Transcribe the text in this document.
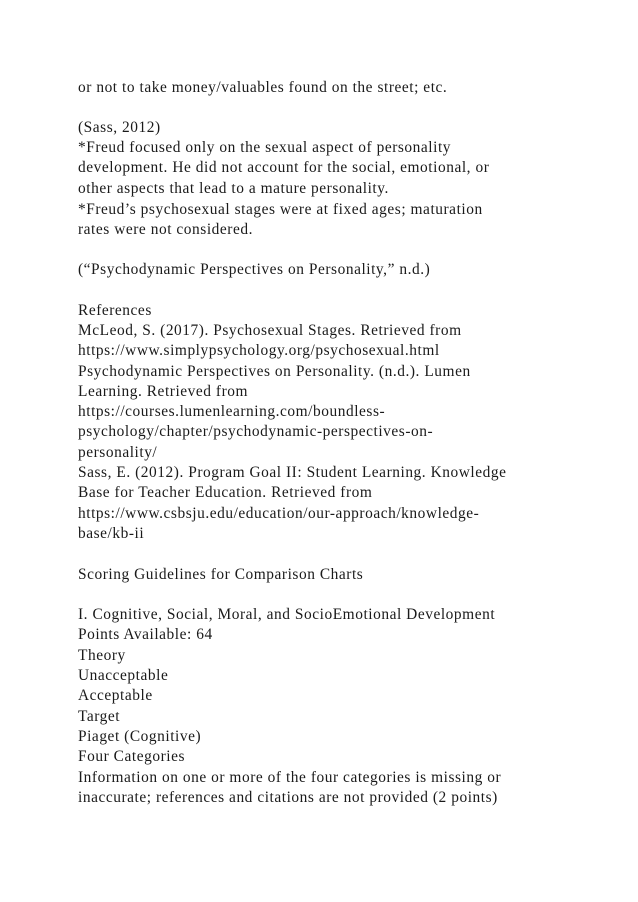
or not to take money/valuables found on the street; etc.
(Sass, 2012)
*Freud focused only on the sexual aspect of personality
development. He did not account for the social, emotional, or
other aspects that lead to a mature personality.
*Freud’s psychosexual stages were at fixed ages; maturation
rates were not considered.
(“Psychodynamic Perspectives on Personality,” n.d.)
References
McLeod, S. (2017). Psychosexual Stages. Retrieved from
https://www.simplypsychology.org/psychosexual.html
Psychodynamic Perspectives on Personality. (n.d.). Lumen
Learning. Retrieved from
https://courses.lumenlearning.com/boundless-
psychology/chapter/psychodynamic-perspectives-on-
personality/
Sass, E. (2012). Program Goal II: Student Learning. Knowledge
Base for Teacher Education. Retrieved from
https://www.csbsju.edu/education/our-approach/knowledge-
base/kb-ii
Scoring Guidelines for Comparison Charts
I. Cognitive, Social, Moral, and SocioEmotional Development
Points Available: 64
Theory
Unacceptable
Acceptable
Target
Piaget (Cognitive)
Four Categories
Information on one or more of the four categories is missing or
inaccurate; references and citations are not provided (2 points)
